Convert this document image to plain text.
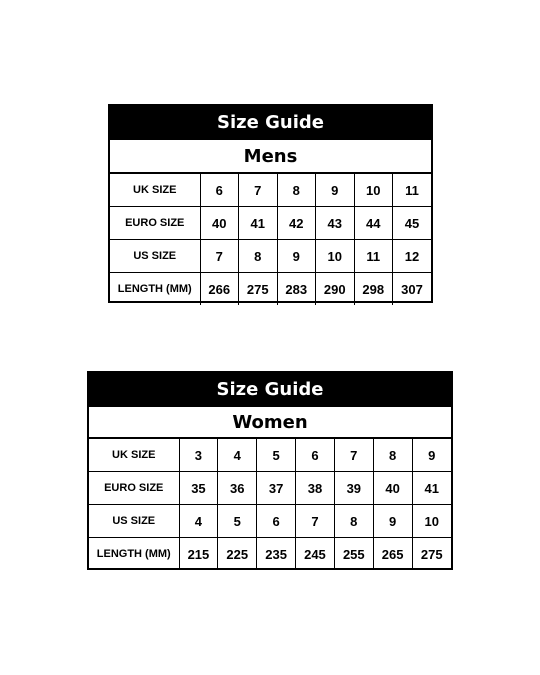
Size Guide
Mens
UK SIZE	6	7	8	9	10	11
EURO SIZE	40	41	42	43	44	45
US SIZE	7	8	9	10	11	12
LENGTH (MM)	266	275	283	290	298	307
Size Guide
Women
UK SIZE	3	4	5	6	7	8	9
EURO SIZE	35	36	37	38	39	40	41
US SIZE	4	5	6	7	8	9	10
LENGTH (MM)	215	225	235	245	255	265	275
